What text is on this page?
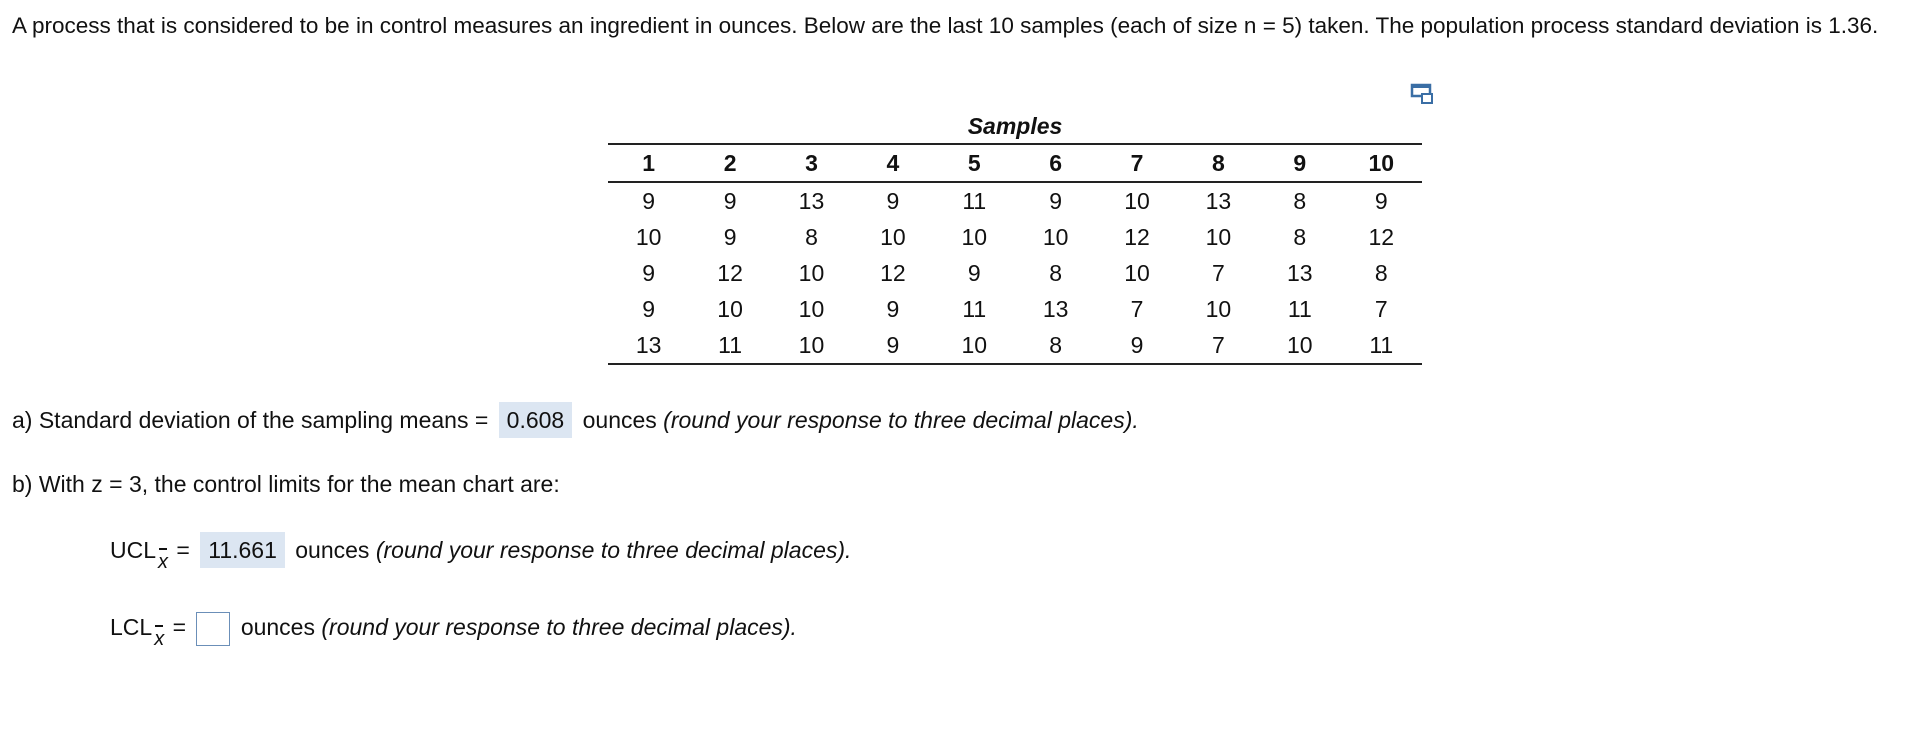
A process that is considered to be in control measures an ingredient in ounces. Below are the last 10 samples (each of size n = 5) taken. The population process standard deviation is 1.36.

Samples
1	2	3	4	5	6	7	8	9	10
9	9	13	9	11	9	10	13	8	9
10	9	8	10	10	10	12	10	8	12
9	12	10	12	9	8	10	7	13	8
9	10	10	9	11	13	7	10	11	7
13	11	10	9	10	8	9	7	10	11
a) Standard deviation of the sampling means = 0.608 ounces (round your response to three decimal places).
b) With z = 3, the control limits for the mean chart are:
UCL x = 11.661 ounces (round your response to three decimal places).
LCL x = ounces (round your response to three decimal places).
